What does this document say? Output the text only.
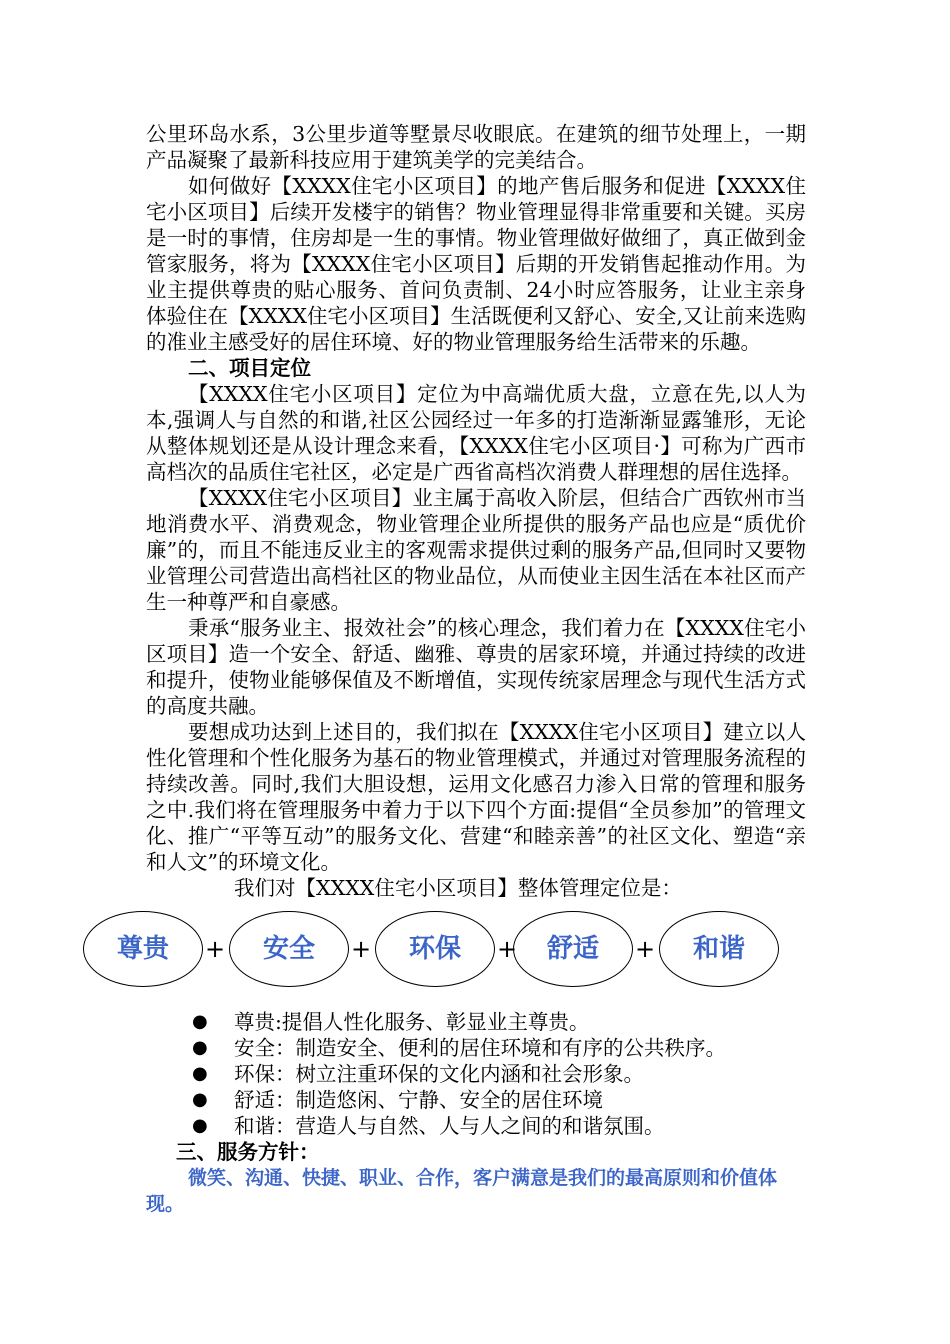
公里环岛水系，3公里步道等墅景尽收眼底。在建筑的细节处理上，一期产品凝聚了最新科技应用于建筑美学的完美结合。

如何做好【XXXX住宅小区项目】的地产售后服务和促进【XXXX住宅小区项目】后续开发楼宇的销售？物业管理显得非常重要和关键。买房是一时的事情，住房却是一生的事情。物业管理做好做细了，真正做到金管家服务，将为【XXXX住宅小区项目】后期的开发销售起推动作用。为业主提供尊贵的贴心服务、首问负责制、24小时应答服务，让业主亲身体验住在【XXXX住宅小区项目】生活既便利又舒心、安全,又让前来选购的准业主感受好的居住环境、好的物业管理服务给生活带来的乐趣。

二、项目定位

【XXXX住宅小区项目】定位为中高端优质大盘，立意在先,以人为本,强调人与自然的和谐,社区公园经过一年多的打造渐渐显露雏形，无论从整体规划还是从设计理念来看，【XXXX住宅小区项目·】可称为广西市高档次的品质住宅社区，必定是广西省高档次消费人群理想的居住选择。

【XXXX住宅小区项目】业主属于高收入阶层，但结合广西钦州市当地消费水平、消费观念，物业管理企业所提供的服务产品也应是“质优价廉”的，而且不能违反业主的客观需求提供过剩的服务产品,但同时又要物业管理公司营造出高档社区的物业品位，从而使业主因生活在本社区而产生一种尊严和自豪感。

秉承“服务业主、报效社会”的核心理念，我们着力在【XXXX住宅小区项目】造一个安全、舒适、幽雅、尊贵的居家环境，并通过持续的改进和提升，使物业能够保值及不断增值，实现传统家居理念与现代生活方式的高度共融。

要想成功达到上述目的，我们拟在【XXXX住宅小区项目】建立以人性化管理和个性化服务为基石的物业管理模式，并通过对管理服务流程的持续改善。同时,我们大胆设想，运用文化感召力渗入日常的管理和服务之中.我们将在管理服务中着力于以下四个方面:提倡“全员参加”的管理文化、推广“平等互动”的服务文化、营建“和睦亲善”的社区文化、塑造“亲和人文”的环境文化。

我们对【XXXX住宅小区项目】整体管理定位是：

尊贵	+	安全	+	环保	+	舒适	+	和谐
●	尊贵:提倡人性化服务、彰显业主尊贵。
●	安全：制造安全、便利的居住环境和有序的公共秩序。
●	环保：树立注重环保的文化内涵和社会形象。
●	舒适：制造悠闲、宁静、安全的居住环境
●	和谐：营造人与自然、人与人之间的和谐氛围。

三、服务方针：

微笑、沟通、快捷、职业、合作，客户满意是我们的最高原则和价值体现。
